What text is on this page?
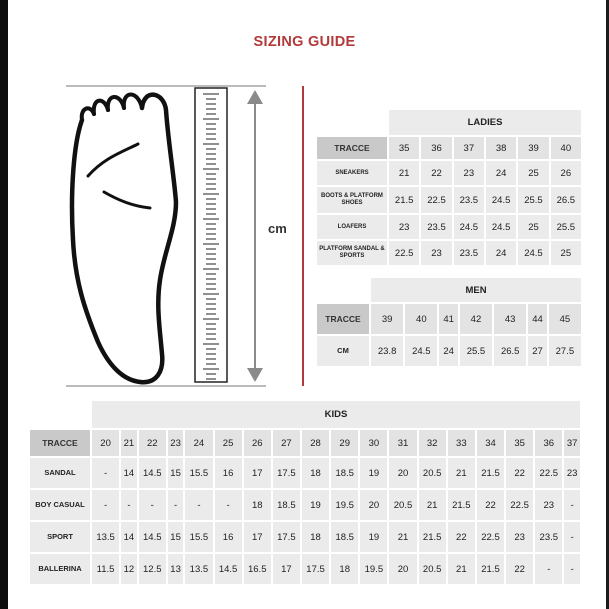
SIZING GUIDE
cm
	LADIES					
TRACCE	35	36	37	38	39	40
SNEAKERS	21	22	23	24	25	26
BOOTS & PLATFORM SHOES	21.5	22.5	23.5	24.5	25.5	26.5
LOAFERS	23	23.5	24.5	24.5	25	25.5
PLATFORM SANDAL & SPORTS	22.5	23	23.5	24	24.5	25
	MEN						
TRACCE	39	40	41	42	43	44	45
CM	23.8	24.5	24	25.5	26.5	27	27.5
	KIDS																	
TRACCE	20	21	22	23	24	25	26	27	28	29	30	31	32	33	34	35	36	37
SANDAL	-	14	14.5	15	15.5	16	17	17.5	18	18.5	19	20	20.5	21	21.5	22	22.5	23
BOY CASUAL	-	-	-	-	-	-	18	18.5	19	19.5	20	20.5	21	21.5	22	22.5	23	-
SPORT	13.5	14	14.5	15	15.5	16	17	17.5	18	18.5	19	21	21.5	22	22.5	23	23.5	-
BALLERINA	11.5	12	12.5	13	13.5	14.5	16.5	17	17.5	18	19.5	20	20.5	21	21.5	22	-	-
